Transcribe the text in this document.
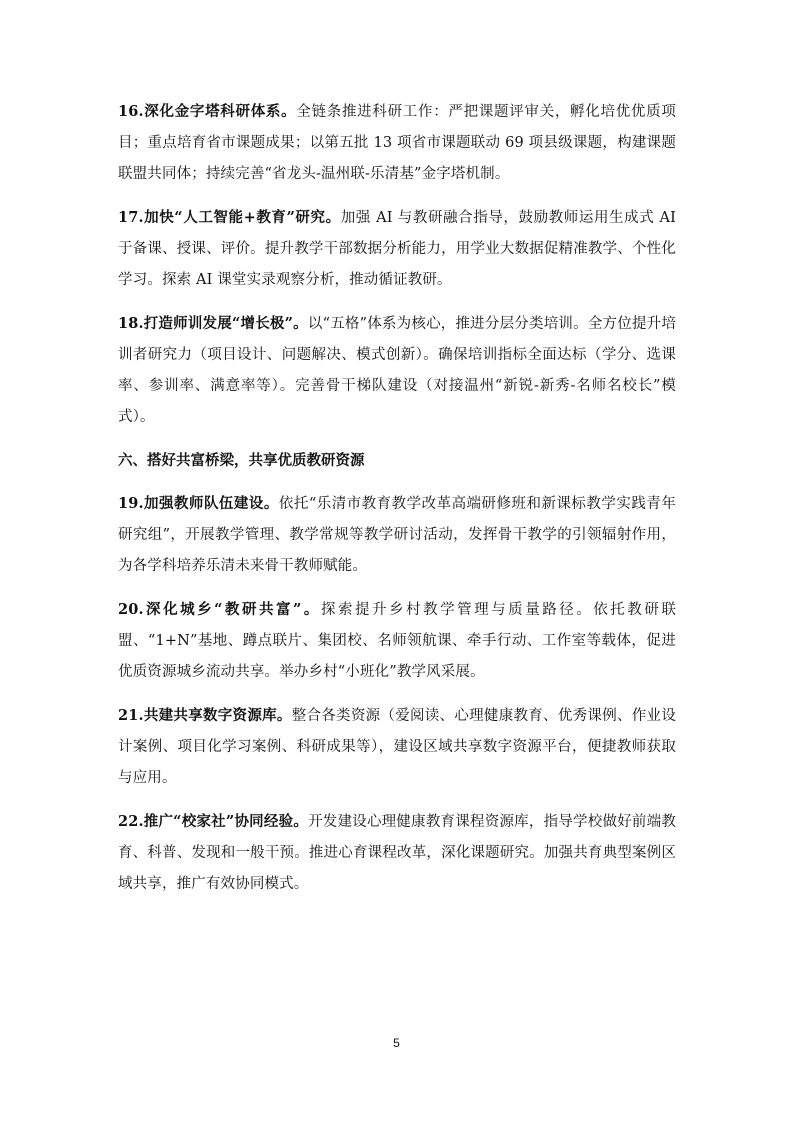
16.深化金字塔科研体系。全链条推进科研工作：严把课题评审关，孵化培优优质项目；重点培育省市课题成果；以第五批 13 项省市课题联动 69 项县级课题，构建课题联盟共同体；持续完善“省龙头-温州联-乐清基”金字塔机制。

17.加快“人工智能+教育”研究。加强 AI 与教研融合指导，鼓励教师运用生成式 AI 于备课、授课、评价。提升教学干部数据分析能力，用学业大数据促精准教学、个性化学习。探索 AI 课堂实录观察分析，推动循证教研。

18.打造师训发展“增长极”。以“五格”体系为核心，推进分层分类培训。全方位提升培训者研究力（项目设计、问题解决、模式创新）。确保培训指标全面达标（学分、选课率、参训率、满意率等）。完善骨干梯队建设（对接温州“新锐-新秀-名师名校长”模式）。

六、搭好共富桥梁，共享优质教研资源

19.加强教师队伍建设。依托“乐清市教育教学改革高端研修班和新课标教学实践青年研究组”，开展教学管理、教学常规等教学研讨活动，发挥骨干教学的引领辐射作用，为各学科培养乐清未来骨干教师赋能。

20.深化城乡“教研共富”。探索提升乡村教学管理与质量路径。依托教研联盟、“1+N”基地、蹲点联片、集团校、名师领航课、牵手行动、工作室等载体，促进优质资源城乡流动共享。举办乡村“小班化”教学风采展。

21.共建共享数字资源库。整合各类资源（爱阅读、心理健康教育、优秀课例、作业设计案例、项目化学习案例、科研成果等），建设区域共享数字资源平台，便捷教师获取与应用。

22.推广“校家社”协同经验。开发建设心理健康教育课程资源库，指导学校做好前端教育、科普、发现和一般干预。推进心育课程改革，深化课题研究。加强共育典型案例区域共享，推广有效协同模式。

5
